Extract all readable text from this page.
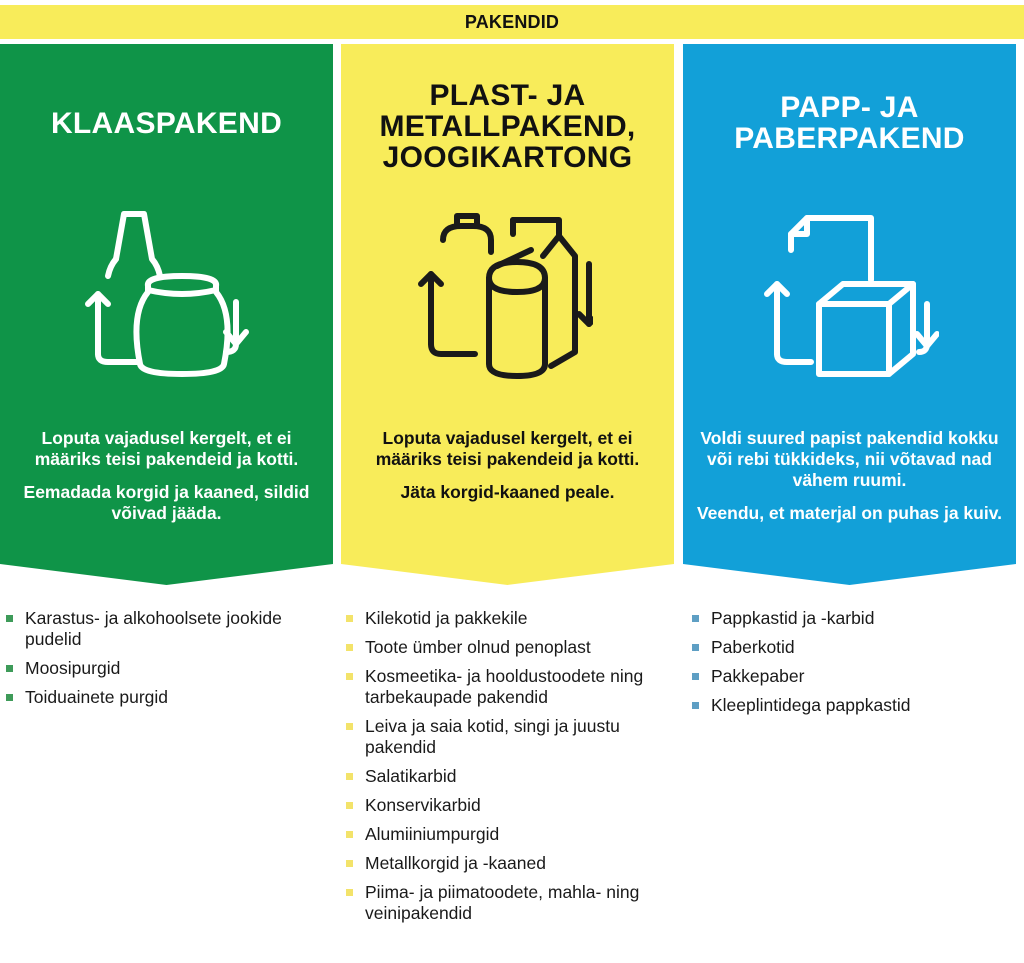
PAKENDID
KLAASPAKEND

Loputa vajadusel kergelt, et ei määriks teisi pakendeid ja kotti.

Eemadada korgid ja kaaned, sildid võivad jääda.

PLAST- JA METALLPAKEND, JOOGIKARTONG

Loputa vajadusel kergelt, et ei määriks teisi pakendeid ja kotti.

Jäta korgid-kaaned peale.

PAPP- JA PABERPAKEND

Voldi suured papist pakendid kokku või rebi tükkideks, nii võtavad nad vähem ruumi.

Veendu, et materjal on puhas ja kuiv.

Karastus- ja alkohoolsete jookide pudelid
Moosipurgid
Toiduainete purgid
Kilekotid ja pakkekile
Toote ümber olnud penoplast
Kosmeetika- ja hooldustoodete ning tarbekaupade pakendid
Leiva ja saia kotid, singi ja juustu pakendid
Salatikarbid
Konservikarbid
Alumiiniumpurgid
Metallkorgid ja -kaaned
Piima- ja piimatoodete, mahla- ning veinipakendid
Pappkastid ja -karbid
Paberkotid
Pakkepaber
Kleeplintidega pappkastid
